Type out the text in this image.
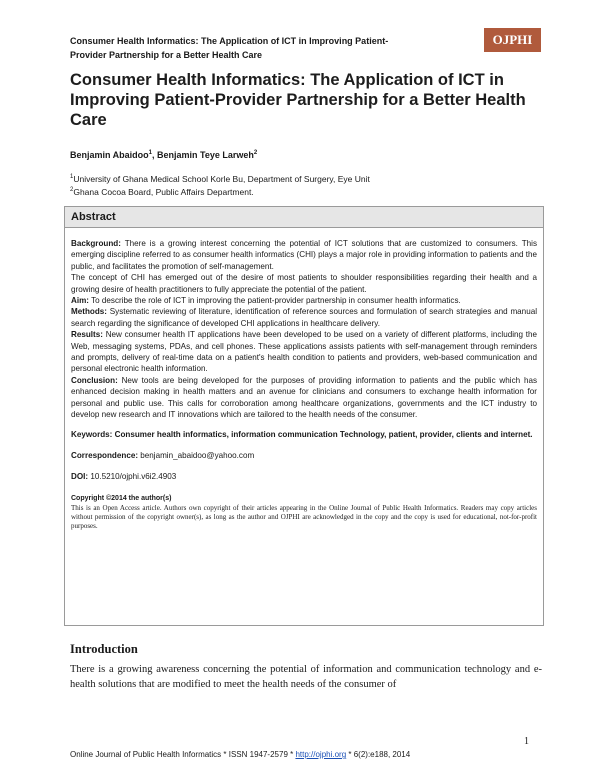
Consumer Health Informatics: The Application of ICT in Improving Patient-Provider Partnership for a Better Health Care
OJPHI
Consumer Health Informatics: The Application of ICT in Improving Patient-Provider Partnership for a Better Health Care
Benjamin Abaidoo$^1$, Benjamin Teye Larweh$^2$
$^1$University of Ghana Medical School Korle Bu, Department of Surgery, Eye Unit
$^2$Ghana Cocoa Board, Public Affairs Department.
Abstract

Background: There is a growing interest concerning the potential of ICT solutions that are customized to consumers. This emerging discipline referred to as consumer health informatics (CHI) plays a major role in providing information to patients and the public, and facilitates the promotion of self-management.

The concept of CHI has emerged out of the desire of most patients to shoulder responsibilities regarding their health and a growing desire of health practitioners to fully appreciate the potential of the patient.

Aim: To describe the role of ICT in improving the patient-provider partnership in consumer health informatics.

Methods: Systematic reviewing of literature, identification of reference sources and formulation of search strategies and manual search regarding the significance of developed CHI applications in healthcare delivery.

Results: New consumer health IT applications have been developed to be used on a variety of different platforms, including the Web, messaging systems, PDAs, and cell phones. These applications assists patients with self-management through reminders and prompts, delivery of real-time data on a patient's health condition to patients and providers, web-based communication and personal electronic health information.

Conclusion: New tools are being developed for the purposes of providing information to patients and the public which has enhanced decision making in health matters and an avenue for clinicians and consumers to exchange health information for personal and public use. This calls for corroboration among healthcare organizations, governments and the ICT industry to develop new research and IT innovations which are tailored to the health needs of the consumer.

Keywords: Consumer health informatics, information communication Technology, patient, provider, clients and internet.

Correspondence: benjamin_abaidoo@yahoo.com

DOI: 10.5210/ojphi.v6i2.4903

Copyright ©2014 the author(s)

This is an Open Access article. Authors own copyright of their articles appearing in the Online Journal of Public Health Informatics. Readers may copy articles without permission of the copyright owner(s), as long as the author and OJPHI are acknowledged in the copy and the copy is used for educational, not-for-profit purposes.

Introduction
There is a growing awareness concerning the potential of information and communication technology and e-health solutions that are modified to meet the health needs of the consumer of
1
Online Journal of Public Health Informatics * ISSN 1947-2579 * http://ojphi.org * 6(2):e188, 2014
